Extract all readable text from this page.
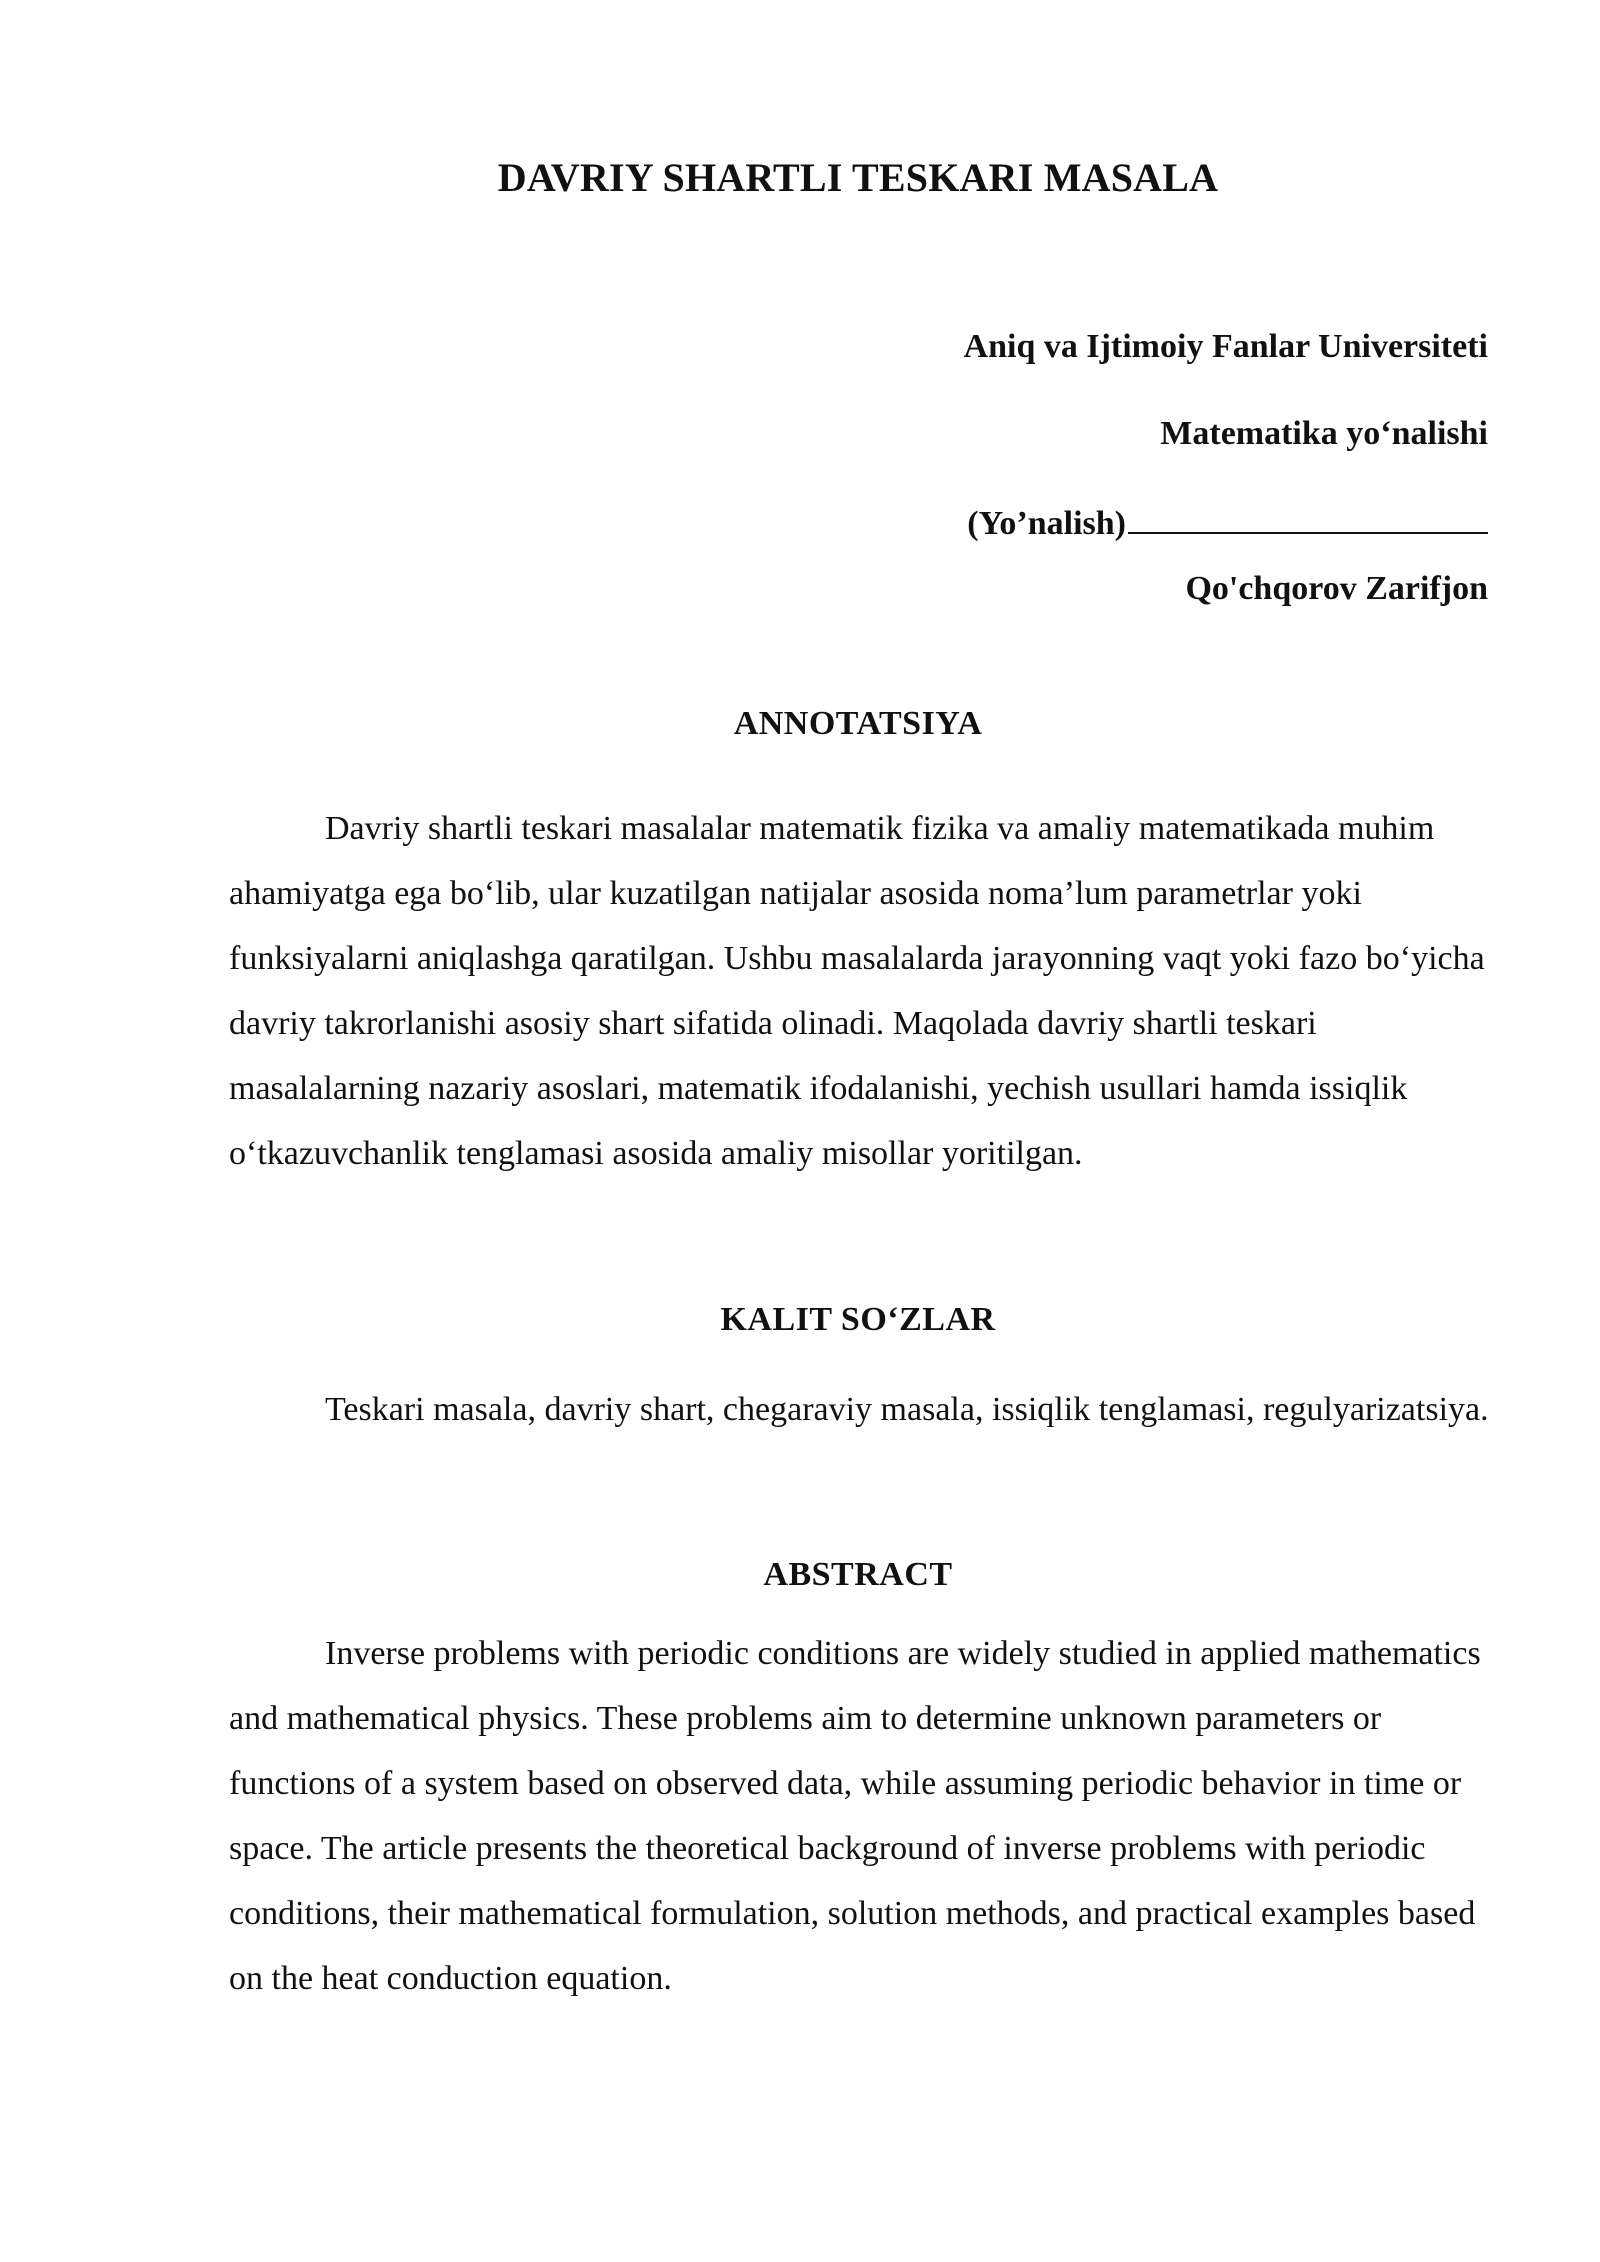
DAVRIY SHARTLI TESKARI MASALA
Aniq va Ijtimoiy Fanlar Universiteti
Matematika yo‘nalishi
(Yo’nalish)
Qo'chqorov Zarifjon
ANNOTATSIYA

Davriy shartli teskari masalalar matematik fizika va amaliy matematikada muhim ahamiyatga ega bo‘lib, ular kuzatilgan natijalar asosida noma’lum parametrlar yoki funksiyalarni aniqlashga qaratilgan. Ushbu masalalarda jarayonning vaqt yoki fazo bo‘yicha davriy takrorlanishi asosiy shart sifatida olinadi. Maqolada davriy shartli teskari masalalarning nazariy asoslari, matematik ifodalanishi, yechish usullari hamda issiqlik o‘tkazuvchanlik tenglamasi asosida amaliy misollar yoritilgan.

KALIT SO‘ZLAR

Teskari masala, davriy shart, chegaraviy masala, issiqlik tenglamasi, regulyarizatsiya.

ABSTRACT

Inverse problems with periodic conditions are widely studied in applied mathematics and mathematical physics. These problems aim to determine unknown parameters or functions of a system based on observed data, while assuming periodic behavior in time or space. The article presents the theoretical background of inverse problems with periodic conditions, their mathematical formulation, solution methods, and practical examples based on the heat conduction equation.
